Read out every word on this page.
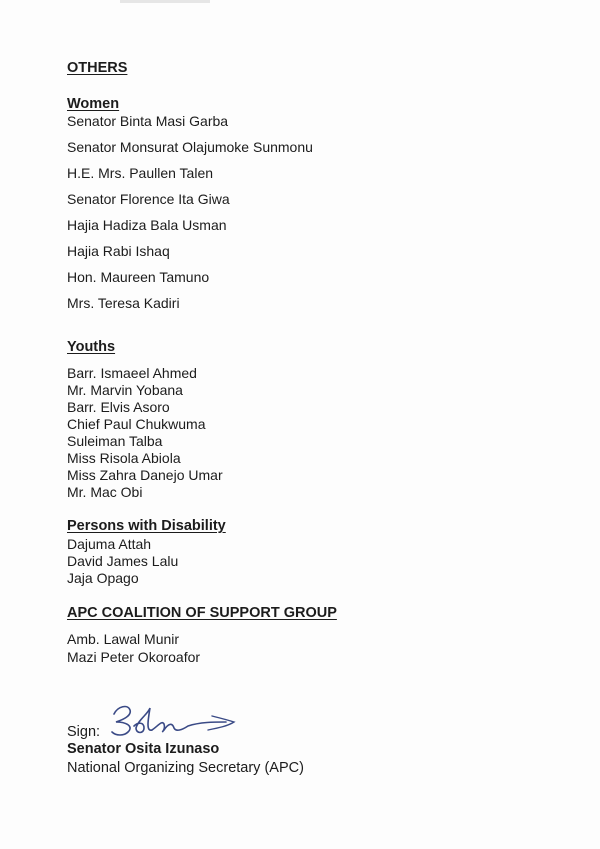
OTHERS
Women
Senator Binta Masi Garba
Senator Monsurat Olajumoke Sunmonu
H.E. Mrs. Paullen Talen
Senator Florence Ita Giwa
Hajia Hadiza Bala Usman
Hajia Rabi Ishaq
Hon. Maureen Tamuno
Mrs. Teresa Kadiri
Youths
Barr. Ismaeel Ahmed
Mr. Marvin Yobana
Barr. Elvis Asoro
Chief Paul Chukwuma
Suleiman Talba
Miss Risola Abiola
Miss Zahra Danejo Umar
Mr. Mac Obi
Persons with Disability
Dajuma Attah
David James Lalu
Jaja Opago
APC COALITION OF SUPPORT GROUP
Amb. Lawal Munir
Mazi Peter Okoroafor
Sign:
Senator Osita Izunaso
National Organizing Secretary (APC)
